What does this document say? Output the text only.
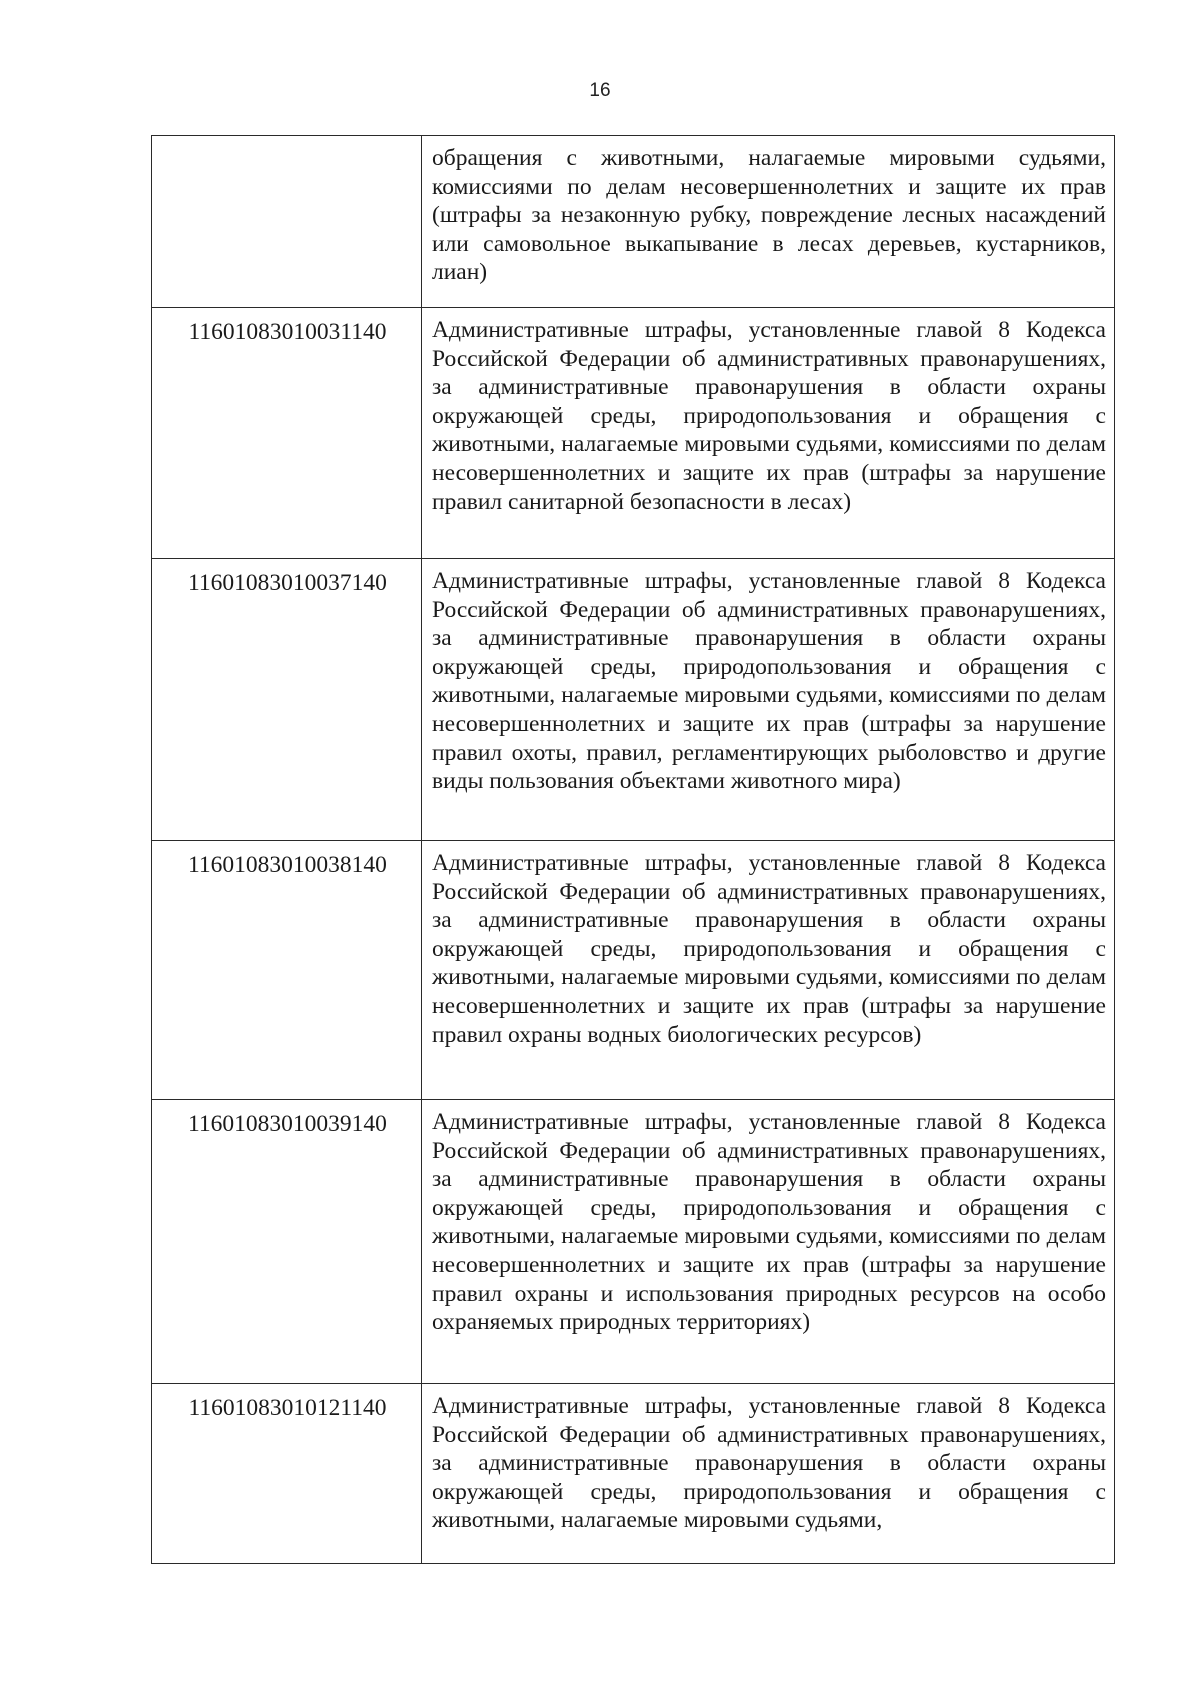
16
	обращения с животными, налагаемые мировыми судьями, комиссиями по делам несовершеннолетних и защите их прав (штрафы за незаконную рубку, повреждение лесных насаждений или самовольное выкапывание в лесах деревьев, кустарников, лиан)
11601083010031140	Административные штрафы, установленные главой 8 Кодекса Российской Федерации об административных правонарушениях, за административные правонарушения в области охраны окружающей среды, природопользования и обращения с животными, налагаемые мировыми судьями, комиссиями по делам несовершеннолетних и защите их прав (штрафы за нарушение правил санитарной безопасности в лесах)
11601083010037140	Административные штрафы, установленные главой 8 Кодекса Российской Федерации об административных правонарушениях, за административные правонарушения в области охраны окружающей среды, природопользования и обращения с животными, налагаемые мировыми судьями, комиссиями по делам несовершеннолетних и защите их прав (штрафы за нарушение правил охоты, правил, регламентирующих рыболовство и другие виды пользования объектами животного мира)
11601083010038140	Административные штрафы, установленные главой 8 Кодекса Российской Федерации об административных правонарушениях, за административные правонарушения в области охраны окружающей среды, природопользования и обращения с животными, налагаемые мировыми судьями, комиссиями по делам несовершеннолетних и защите их прав (штрафы за нарушение правил охраны водных биологических ресурсов)
11601083010039140	Административные штрафы, установленные главой 8 Кодекса Российской Федерации об административных правонарушениях, за административные правонарушения в области охраны окружающей среды, природопользования и обращения с животными, налагаемые мировыми судьями, комиссиями по делам несовершеннолетних и защите их прав (штрафы за нарушение правил охраны и использования природных ресурсов на особо охраняемых природных территориях)
11601083010121140	Административные штрафы, установленные главой 8 Кодекса Российской Федерации об административных правонарушениях, за административные правонарушения в области охраны окружающей среды, природопользования и обращения с животными, налагаемые мировыми судьями,
